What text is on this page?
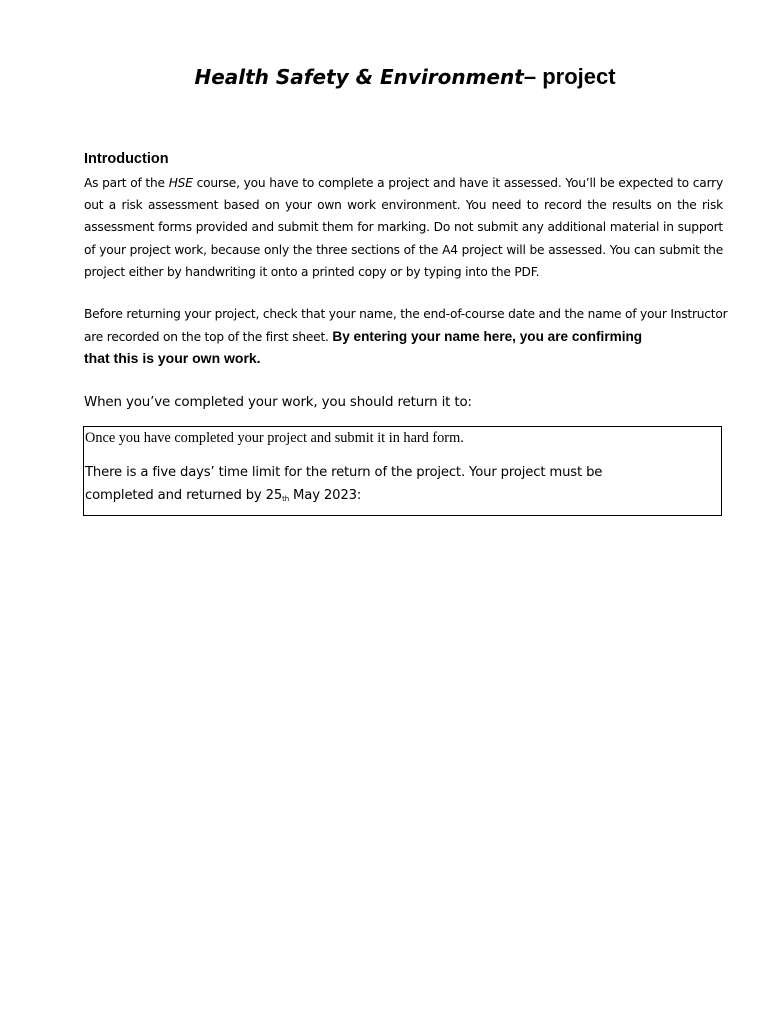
Health Safety & Environment– project
Introduction

As part of the HSE course, you have to complete a project and have it assessed. You’ll be expected to carry out a risk assessment based on your own work environment. You need to record the results on the risk assessment forms provided and submit them for marking. Do not submit any additional material in support of your project work, because only the three sections of the A4 project will be assessed. You can submit the project either by handwriting it onto a printed copy or by typing into the PDF.

Before returning your project, check that your name, the end-of-course date and the name of your Instructor
are recorded on the top of the first sheet. By entering your name here, you are confirming
that this is your own work.

When you’ve completed your work, you should return it to:

Once you have completed your project and submit it in hard form.

There is a five days’ time limit for the return of the project. Your project must be
completed and returned by $25_{th}$ May 2023:
